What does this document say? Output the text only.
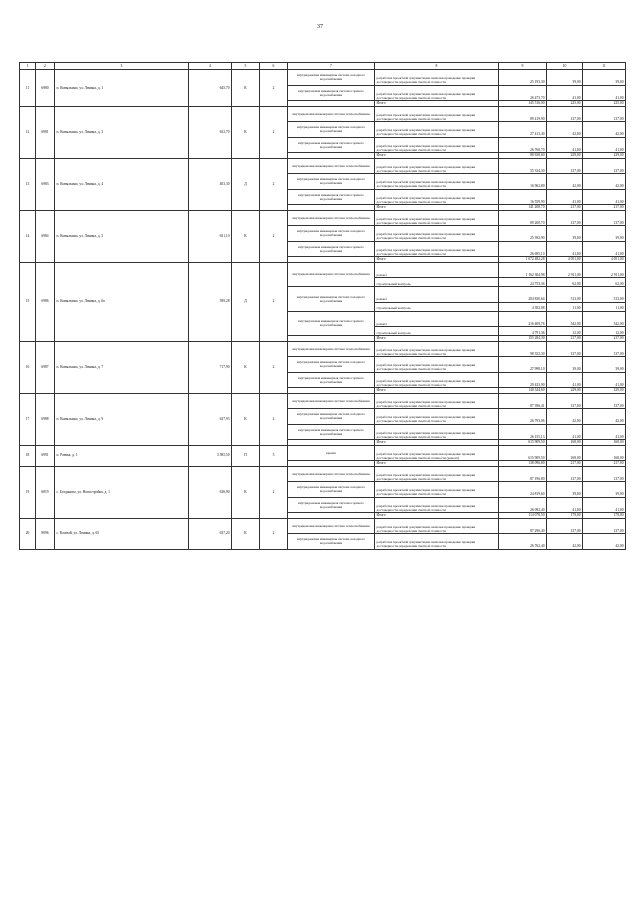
37
1	2	3	4	5	6	7	8	9	10	11
11	6980	п. Ковылкино, ул. Ленина, д. 1	645,70	К	2	внутридомовая инженерная система холодного водоснабжения	разработка проектной документации, включая проведение проверки достоверности определения сметной стоимости	25 193,30	39,00	39,00
						внутридомовая инженерная система горячего водоснабжения	разработка проектной документации, включая проведение проверки достоверности определения сметной стоимости	26 473,70	41,00	41,00
							Итого	145 516,00	225,00	225,00
12	6981	п. Ковылкино, ул. Ленина, д. 3	652,70	К	2	внутридомовая инженерная система теплоснабжения	разработка проектной документации, включая проведение проверки достоверности определения сметной стоимости	89 419,90	137,00	137,00
						внутридомовая инженерная система холодного водоснабжения	разработка проектной документации, включая проведение проверки достоверности определения сметной стоимости	27 413,40	42,00	42,00
						внутридомовая инженерная система горячего водоснабжения	разработка проектной документации, включая проведение проверки достоверности определения сметной стоимости	26 760,70	41,00	41,00
							Итого	88 638,60	229,00	229,00
13	6983	п. Ковылкино, ул. Ленина, д. 4	403,30	Д	2	внутридомовая инженерная система теплоснабжения	разработка проектной документации, включая проведение проверки достоверности определения сметной стоимости	55 334,30	137,00	137,00
						внутридомовая инженерная система холодного водоснабжения	разработка проектной документации, включая проведение проверки достоверности определения сметной стоимости	16 962,80	42,00	42,00
						внутридомовая инженерная система горячего водоснабжения	разработка проектной документации, включая проведение проверки достоверности определения сметной стоимости	16 559,90	41,00	41,00
							Итого	141 208,70	217,00	217,00
14	6984	п. Ковылкино, ул. Ленина, д. 5	651,10	К	2	внутридомовая инженерная система теплоснабжения	разработка проектной документации, включая проведение проверки достоверности определения сметной стоимости	89 200,70	137,00	137,00
						внутридомовая инженерная система холодного водоснабжения	разработка проектной документации, включая проведение проверки достоверности определения сметной стоимости	25 392,90	39,00	39,00
						внутридомовая инженерная система горячего водоснабжения	разработка проектной документации, включая проведение проверки достоверности определения сметной стоимости	26 695,10	41,00	41,00
							Итого	1 672 482,28	4 051,00	4 051,00
15	6986	п. Ковылкино, ул. Ленина, д. 6а	399,28	Д	2	внутридомовая инженерная система теплоснабжения	ремонт	1 162 304,98	2 911,00	2 911,00
							строительный контроль	24 753,36	62,00	62,00
						внутридомовая инженерная система холодного водоснабжения	ремонт	204 830,64	513,00	513,00
							строительный контроль	4 392,08	11,00	11,00
						внутридомовая инженерная система горячего водоснабжения	ремонт	216 409,76	542,00	542,00
							строительный контроль	4 791,36	12,00	12,00
							Итого	155 284,30	217,00	217,00
16	6987	п. Ковылкино, ул. Ленина, д. 7	717,90	К	2	внутридомовая инженерная система теплоснабжения	разработка проектной документации, включая проведение проверки достоверности определения сметной стоимости	98 352,30	137,00	137,00
						внутридомовая инженерная система холодного водоснабжения	разработка проектной документации, включая проведение проверки достоверности определения сметной стоимости	27 998,10	39,00	39,00
						внутридомовая инженерная система горячего водоснабжения	разработка проектной документации, включая проведение проверки достоверности определения сметной стоимости	29 433,90	41,00	41,00
							Итого	140 344,60	229,00	229,00
17	6988	п. Ковылкино, ул. Ленина, д. 9	637,93	К	2	внутридомовая инженерная система теплоснабжения	разработка проектной документации, включая проведение проверки достоверности определения сметной стоимости	87 396,41	137,00	137,00
						внутридомовая инженерная система холодного водоснабжения	разработка проектной документации, включая проведение проверки достоверности определения сметной стоимости	26 793,06	42,00	42,00
						внутридомовая инженерная система горячего водоснабжения	разработка проектной документации, включая проведение проверки достоверности определения сметной стоимости	26 155,13	41,00	41,00
							Итого	615 909,50	168,00	168,00
18	6991	п. Раевка, д. 1	3 585,50	П	5	крыша	разработка проектной документации, включая проведение проверки достоверности определения сметной стоимости (ремонт)	615 909,50	168,00	168,00
							Итого	138 096,80	217,00	217,00
19	6819	с. Богданово, ул. Новостройка, д. 1	636,90	К	2	внутридомовая инженерная система теплоснабжения	разработка проектной документации, включая проведение проверки достоверности определения сметной стоимости	87 196,80	137,00	137,00
						внутридомовая инженерная система холодного водоснабжения	разработка проектной документации, включая проведение проверки достоверности определения сметной стоимости	24 819,60	39,00	39,00
						внутридомовая инженерная система горячего водоснабжения	разработка проектной документации, включая проведение проверки достоверности определения сметной стоимости	26 092,40	41,00	41,00
							Итого	114 078,50	179,00	179,00
20	8096	с. Клятый, ул. Ленина, д. 65	637,20	К	2	внутридомовая инженерная система теплоснабжения	разработка проектной документации, включая проведение проверки достоверности определения сметной стоимости	87 296,40	137,00	137,00
						внутридомовая инженерная система холодного водоснабжения	разработка проектной документации, включая проведение проверки достоверности определения сметной стоимости	26 762,40	42,00	42,00
